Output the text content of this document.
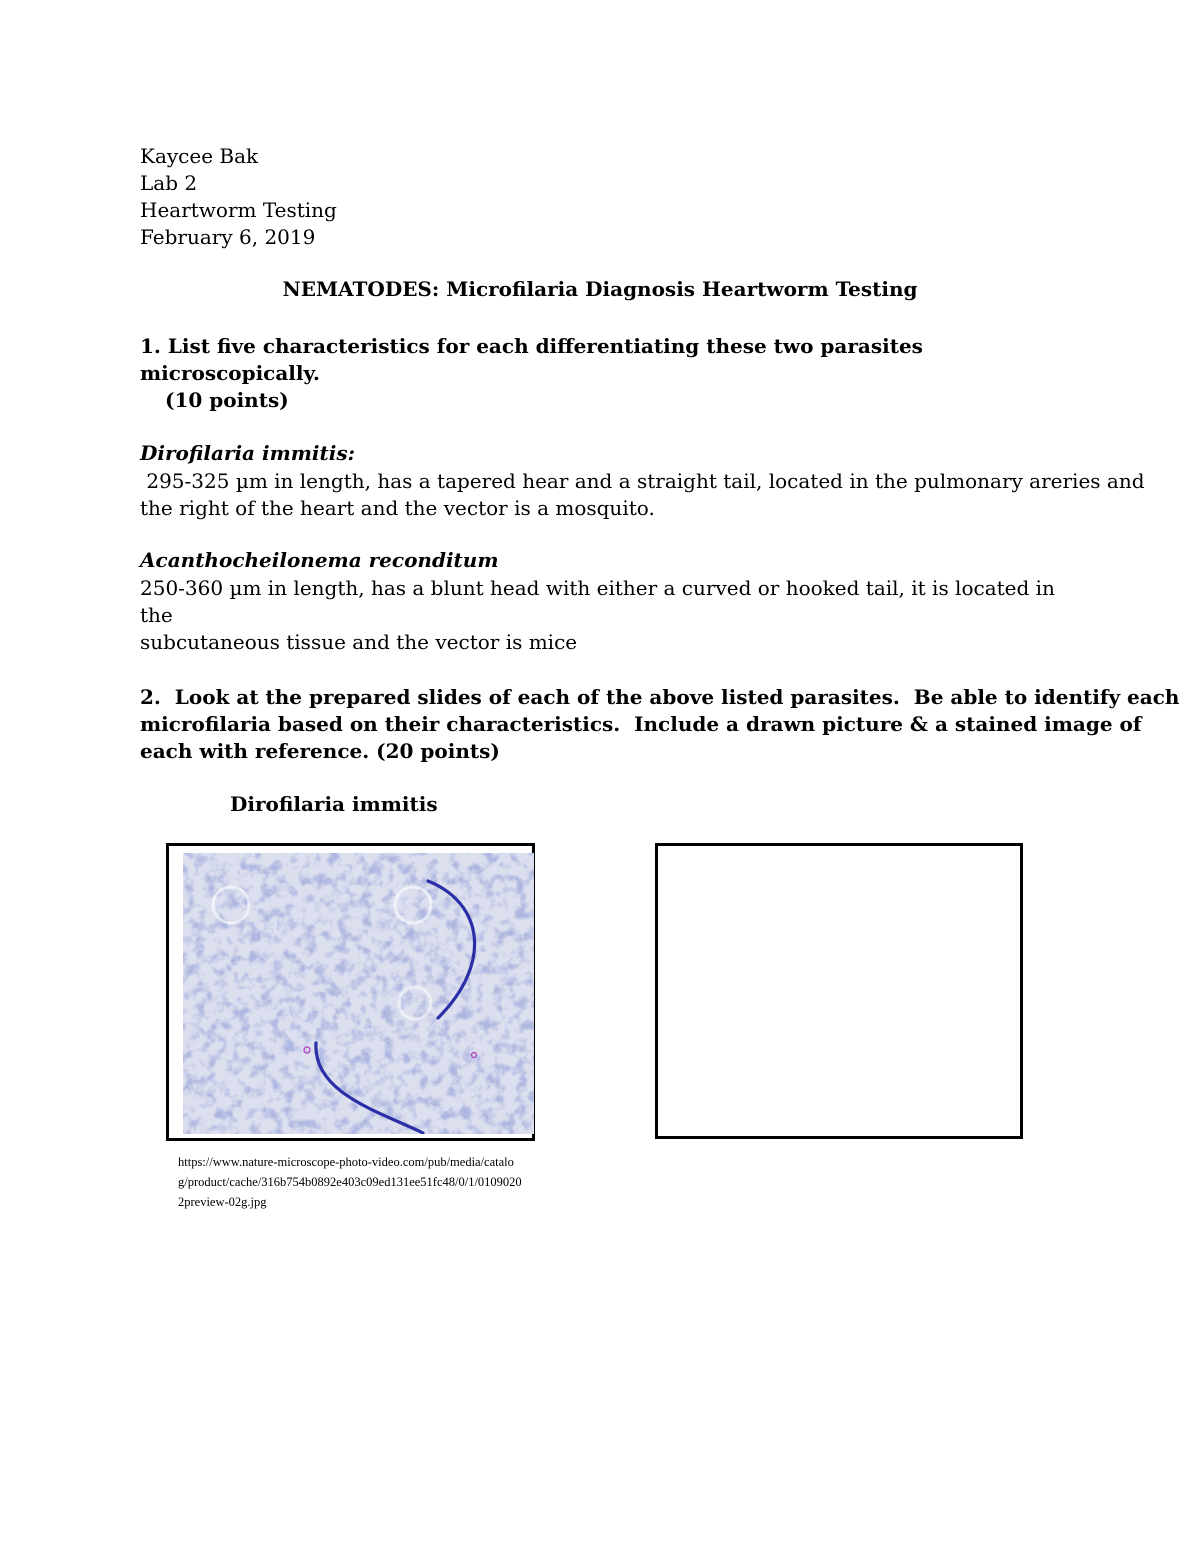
Kaycee Bak
Lab 2
Heartworm Testing
February 6, 2019
NEMATODES: Microfilaria Diagnosis Heartworm Testing
1. List five characteristics for each differentiating these two parasites microscopically.
(10 points)
Dirofilaria immitis:
295-325 µm in length, has a tapered hear and a straight tail, located in the pulmonary areries and
the right of the heart and the vector is a mosquito.
Acanthocheilonema reconditum
250-360 µm in length, has a blunt head with either a curved or hooked tail, it is located in the
subcutaneous tissue and the vector is mice
2.  Look at the prepared slides of each of the above listed parasites.  Be able to identify each
microfilaria based on their characteristics.  Include a drawn picture & a stained image of
each with reference. (20 points)
Dirofilaria immitis
https://www.nature-microscope-photo-video.com/pub/media/catalog/product/cache/316b754b0892e403c09ed131ee51fc48/0/1/01090202preview-02g.jpg
